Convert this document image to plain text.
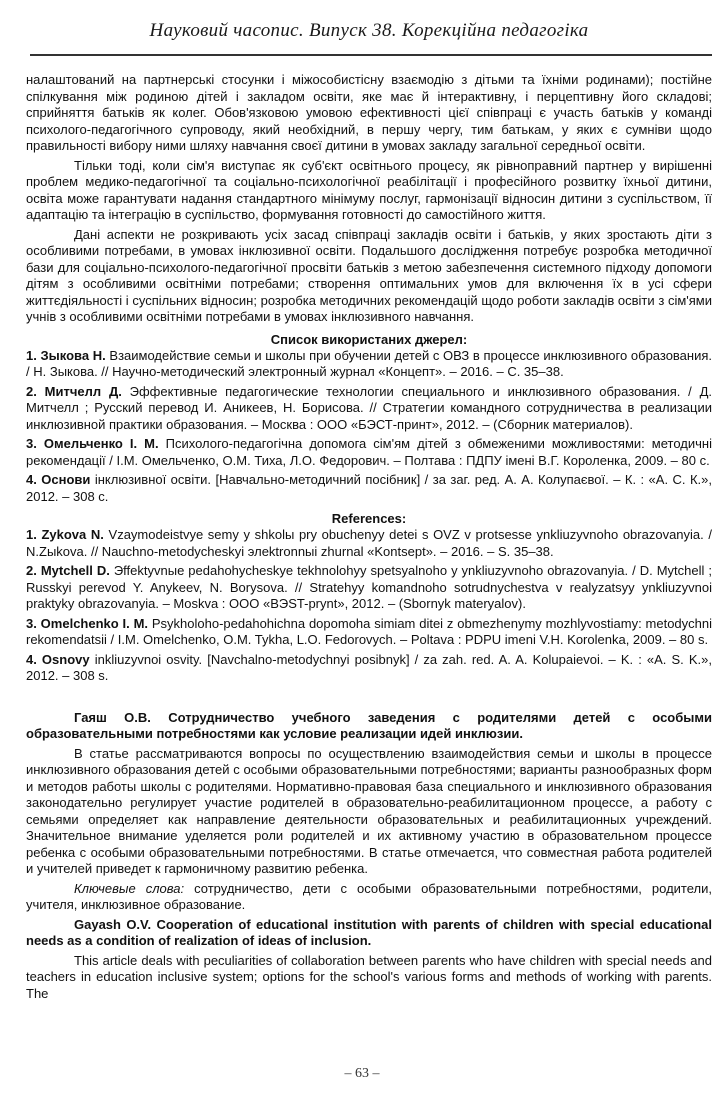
Науковий часопис. Випуск 38. Корекційна педагогіка

налаштований на партнерські стосунки і міжособистісну взаємодію з дітьми та їхніми родинами); постійне спілкування між родиною дітей і закладом освіти, яке має й інтерактивну, і перцептивну його складові; сприйняття батьків як колег. Обов'язковою умовою ефективності цієї співпраці є участь батьків у команді психолого-педагогічного супроводу, який необхідний, в першу чергу, тим батькам, у яких є сумніви щодо правильності вибору ними шляху навчання своєї дитини в умовах закладу загальної середньої освіти.

Тільки тоді, коли сім'я виступає як суб'єкт освітнього процесу, як рівноправний партнер у вирішенні проблем медико-педагогічної та соціально-психологічної реабілітації і професійного розвитку їхньої дитини, освіта може гарантувати надання стандартного мінімуму послуг, гармонізації відносин дитини з суспільством, її адаптацію та інтеграцію в суспільство, формування готовності до самостійного життя.

Дані аспекти не розкривають усіх засад співпраці закладів освіти і батьків, у яких зростають діти з особливими потребами, в умовах інклюзивної освіти. Подальшого дослідження потребує розробка методичної бази для соціально-психолого-педагогічної просвіти батьків з метою забезпечення системного підходу допомоги дітям з особливими освітніми потребами; створення оптимальних умов для включення їх в усі сфери життєдіяльності і суспільних відносин; розробка методичних рекомендацій щодо роботи закладів освіти з сім'ями учнів з особливими освітніми потребами в умовах інклюзивного навчання.

Список використаних джерел:

1. Зыкова Н. Взаимодействие семьи и школы при обучении детей с ОВЗ в процессе инклюзивного образования. / Н. Зыкова. // Научно-методический электронный журнал «Концепт». – 2016. – С. 35–38.

2. Митчелл Д. Эффективные педагогические технологии специального и инклюзивного образования. / Д. Митчелл ; Русский перевод И. Аникеев, Н. Борисова. // Стратегии командного сотрудничества в реализации инклюзивной практики образования. – Москва : ООО «БЭСТ-принт», 2012. – (Сборник материалов).

3. Омельченко І. М. Психолого-педагогічна допомога сім'ям дітей з обмеженими можливостями: методичні рекомендації / І.М. Омельченко, О.М. Тиха, Л.О. Федорович. – Полтава : ПДПУ імені В.Г. Короленка, 2009. – 80 с.

4. Основи інклюзивної освіти. [Навчально-методичний посібник] / за заг. ред. А. А. Колупаєвої. – К. : «А. С. К.», 2012. – 308 с.

References:

1. Zykova N. Vzaymodeistvye semy y shkolы pry obuchenyy detei s OVZ v protsesse ynkliuzyvnoho obrazovanyia. / N.Zыkova. // Nauchno-metodycheskyi элektronnыi zhurnal «Kontsept». – 2016. – S. 35–38.

2. Mytchell D. Эffektyvnыe pedahohycheskye tekhnolohyy spetsyalnoho y ynkliuzyvnoho obrazovanyia. / D. Mytchell ; Russkyi perevod Y. Anykeev, N. Borysova. // Stratehyy komandnoho sotrudnychestva v realyzatsyy ynkliuzyvnoi praktyky obrazovanyia. – Moskva : OOO «BЭST-prynt», 2012. – (Sbornyk materyalov).

3. Omelchenko I. M. Psykholoho-pedahohichna dopomoha simiam ditei z obmezhenymy mozhlyvostiamy: metodychni rekomendatsii / I.M. Omelchenko, O.M. Tykha, L.O. Fedorovych. – Poltava : PDPU imeni V.H. Korolenka, 2009. – 80 s.

4. Osnovy inkliuzyvnoi osvity. [Navchalno-metodychnyi posibnyk] / za zah. red. A. A. Kolupaievoi. – K. : «A. S. K.», 2012. – 308 s.

Гаяш О.В. Сотрудничество учебного заведения с родителями детей с особыми образовательными потребностями как условие реализации идей инклюзии.

В статье рассматриваются вопросы по осуществлению взаимодействия семьи и школы в процессе инклюзивного образования детей с особыми образовательными потребностями; варианты разнообразных форм и методов работы школы с родителями. Нормативно-правовая база специального и инклюзивного образования законодательно регулирует участие родителей в образовательно-реабилитационном процессе, а работу с семьями определяет как направление деятельности образовательных и реабилитационных учреждений. Значительное внимание уделяется роли родителей и их активному участию в образовательном процессе ребенка с особыми образовательными потребностями. В статье отмечается, что совместная работа родителей и учителей приведет к гармоничному развитию ребенка.

Ключевые слова: сотрудничество, дети с особыми образовательными потребностями, родители, учителя, инклюзивное образование.

Gayash O.V. Cooperation of educational institution with parents of children with special educational needs as a condition of realization of ideas of inclusion.

This article deals with peculiarities of collaboration between parents who have children with special needs and teachers in education inclusive system; options for the school's various forms and methods of working with parents. The

– 63 –
